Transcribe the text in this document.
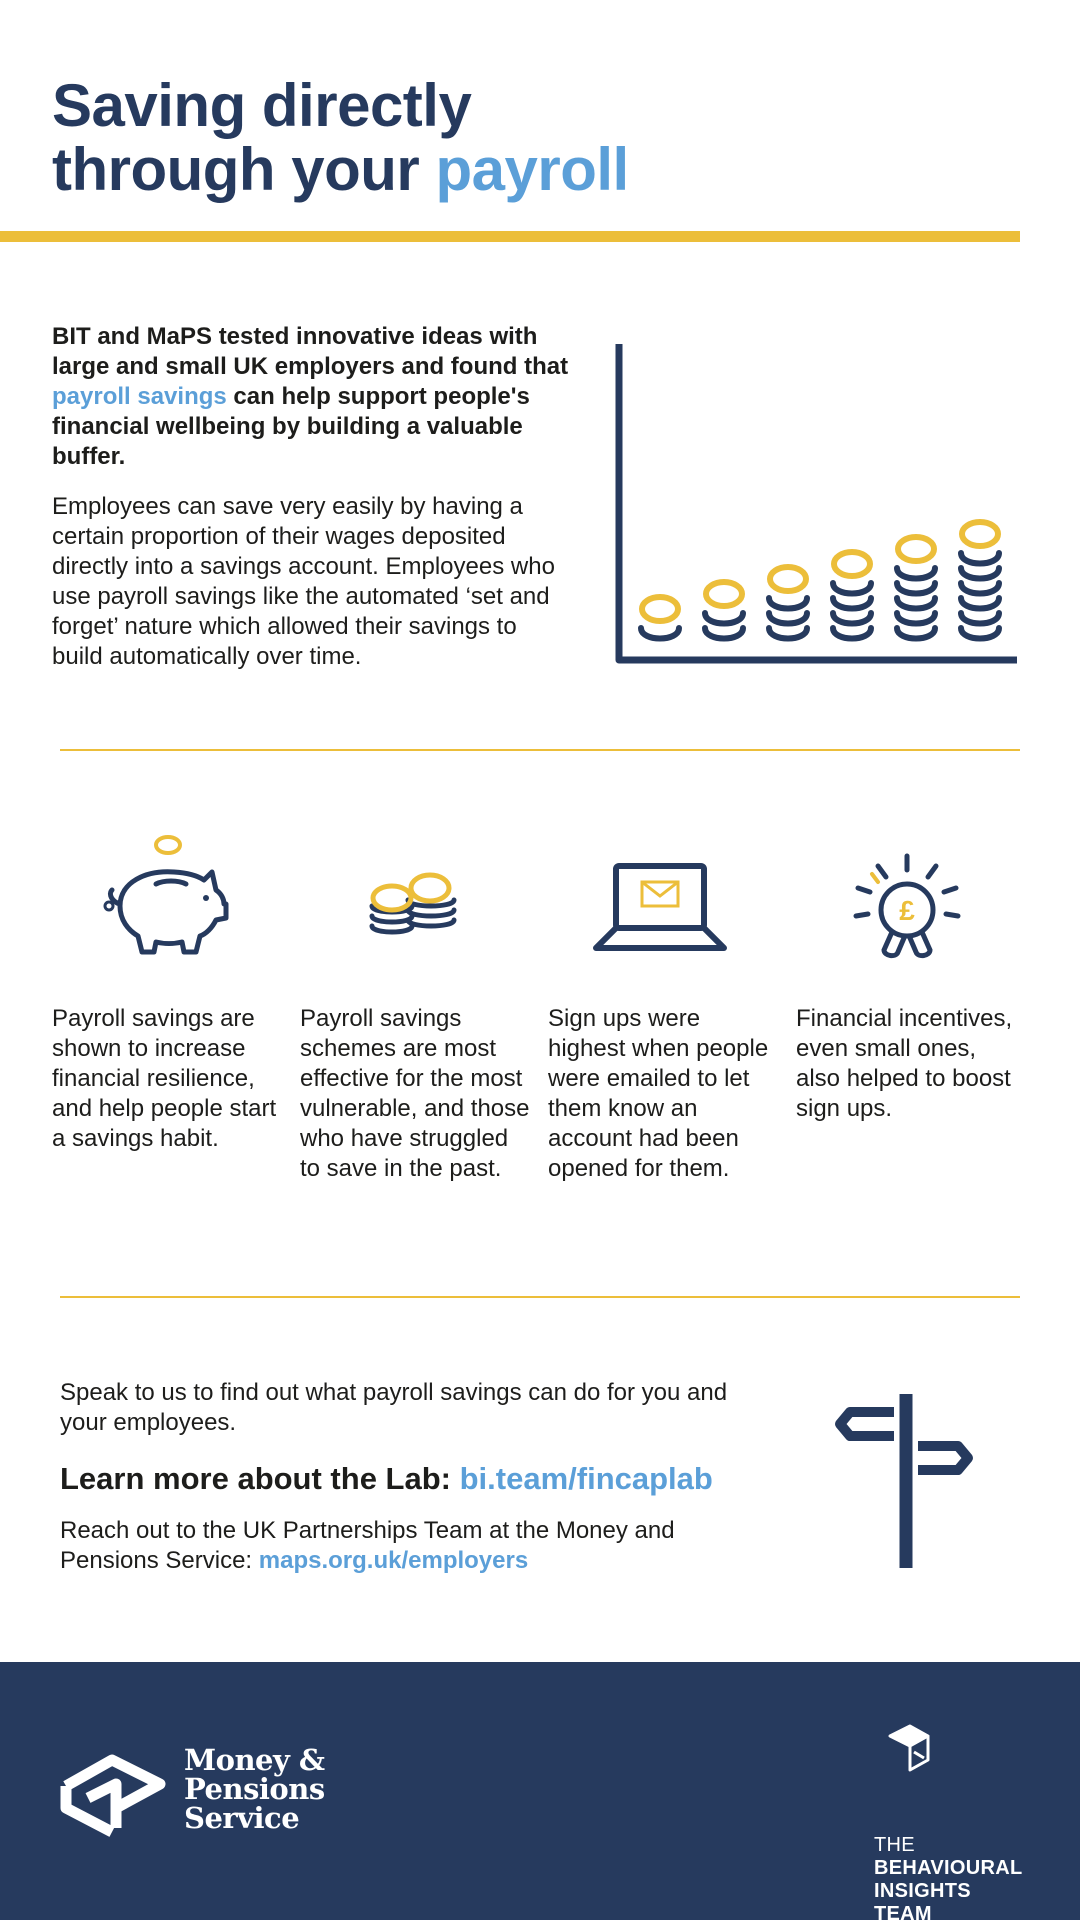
Saving directly
through your payroll

BIT and MaPS tested innovative ideas with large and small UK employers and found that payroll savings can help support people's financial wellbeing by building a valuable buffer.

Employees can save very easily by having a certain proportion of their wages deposited directly into a savings account. Employees who use payroll savings like the automated ‘set and forget’ nature which allowed their savings to build automatically over time.

Payroll savings are shown to increase financial resilience, and help people start a savings habit.

Payroll savings schemes are most effective for the most vulnerable, and those who have struggled to save in the past.

Sign ups were highest when people were emailed to let them know an account had been opened for them.

£

Financial incentives, even small ones, also helped to boost sign ups.

Speak to us to find out what payroll savings can do for you and your employees.

Learn more about the Lab: bi.team/fincaplab

Reach out to the UK Partnerships Team at the Money and Pensions Service: maps.org.uk/employers

Money &
Pensions
Service
THE
BEHAVIOURAL
INSIGHTS
TEAM
